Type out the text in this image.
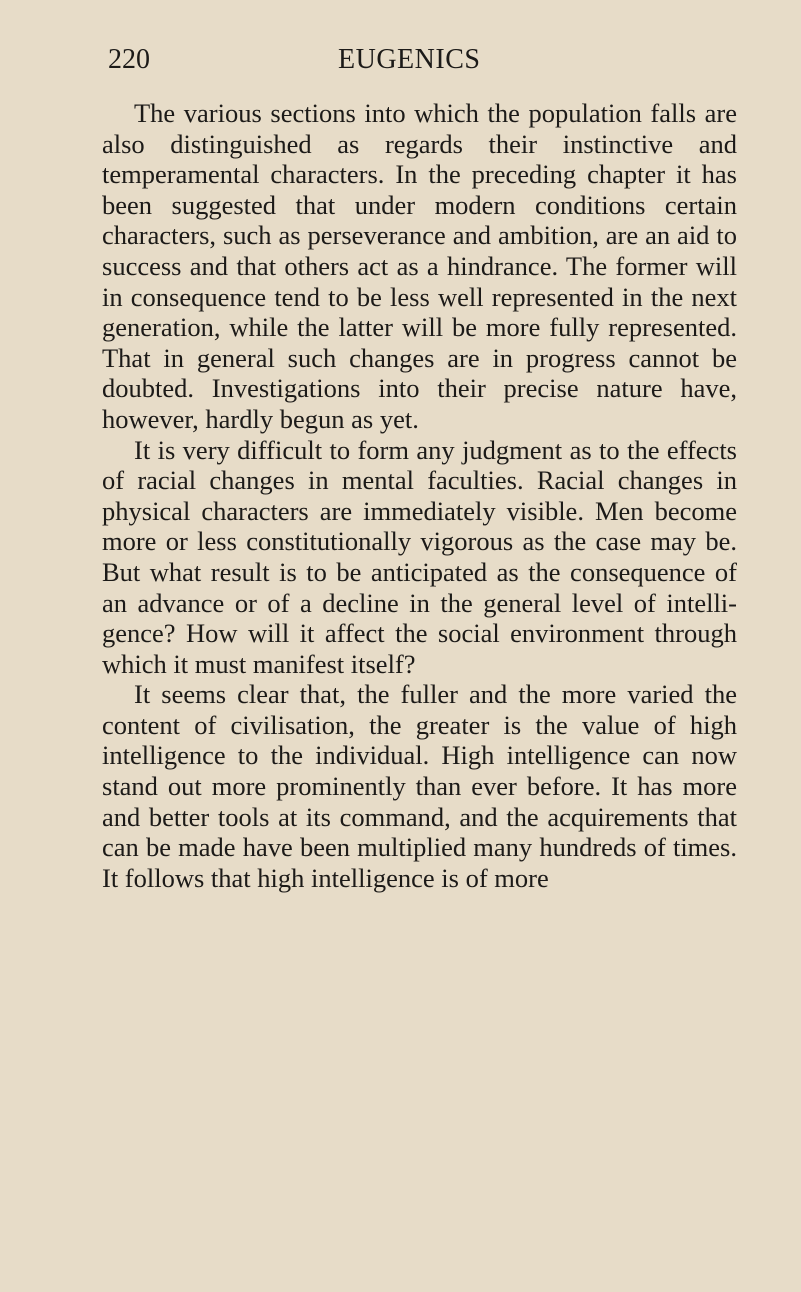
220	EUGENICS

The various sections into which the population falls are also distinguished as regards their instinctive and temperamental characters. In the preceding chapter it has been suggested that under modern conditions certain characters, such as perseverance and ambition, are an aid to success and that others act as a hindrance. The former will in consequence tend to be less well represented in the next generation, while the latter will be more fully represented. That in general such changes are in progress cannot be doubted. Investigations into their precise nature have, however, hardly begun as yet.

It is very difficult to form any judgment as to the effects of racial changes in mental faculties. Racial changes in physical characters are immediately visible. Men become more or less constitutionally vigorous as the case may be. But what result is to be anticipated as the consequence of an advance or of a decline in the general level of intelligence? How will it affect the social environment through which it must manifest itself?

It seems clear that, the fuller and the more varied the content of civilisation, the greater is the value of high intelligence to the individual. High intelligence can now stand out more prominently than ever before. It has more and better tools at its command, and the acquirements that can be made have been multiplied many hundreds of times. It follows that high intelligence is of more
